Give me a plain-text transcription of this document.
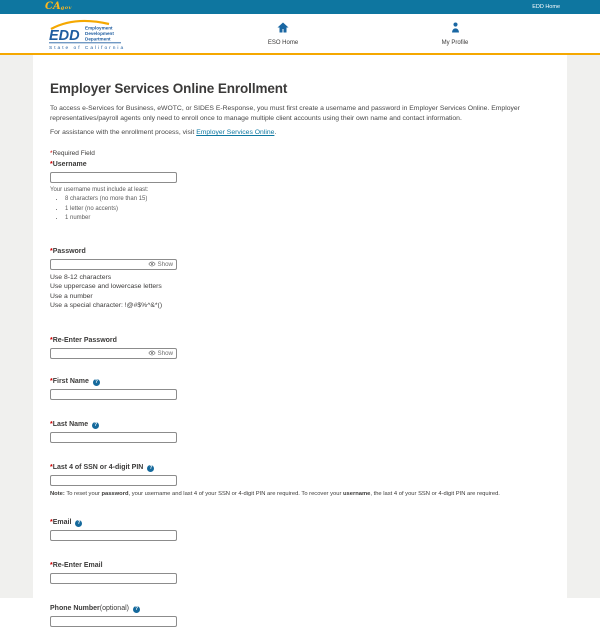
CAgov	EDD Home
EDD Employment
Development
Department
State of California
ESO Home	My Profile
Employer Services Online Enrollment

To access e-Services for Business, eWOTC, or SIDES E-Response, you must first create a username and password in Employer Services Online. Employer representatives/payroll agents only need to enroll once to manage multiple client accounts using their own name and contact information.

For assistance with the enrollment process, visit Employer Services Online.

*Required Field

* Username
Your username must include at least:
• 8 characters (no more than 15)
• 1 letter (no accents)
• 1 number
* Password
Show
Use 8-12 characters
Use uppercase and lowercase letters
Use a number
Use a special character: !@#$%^&*()
* Re-Enter Password
Show
* First Name	?
* Last Name	?
* Last 4 of SSN or 4-digit PIN	?
Note: To reset your password, your username and last 4 of your SSN or 4-digit PIN are required. To recover your username, the last 4 of your SSN or 4-digit PIN are required.
* Email	?
* Re-Enter Email
Phone Number (optional)	?
